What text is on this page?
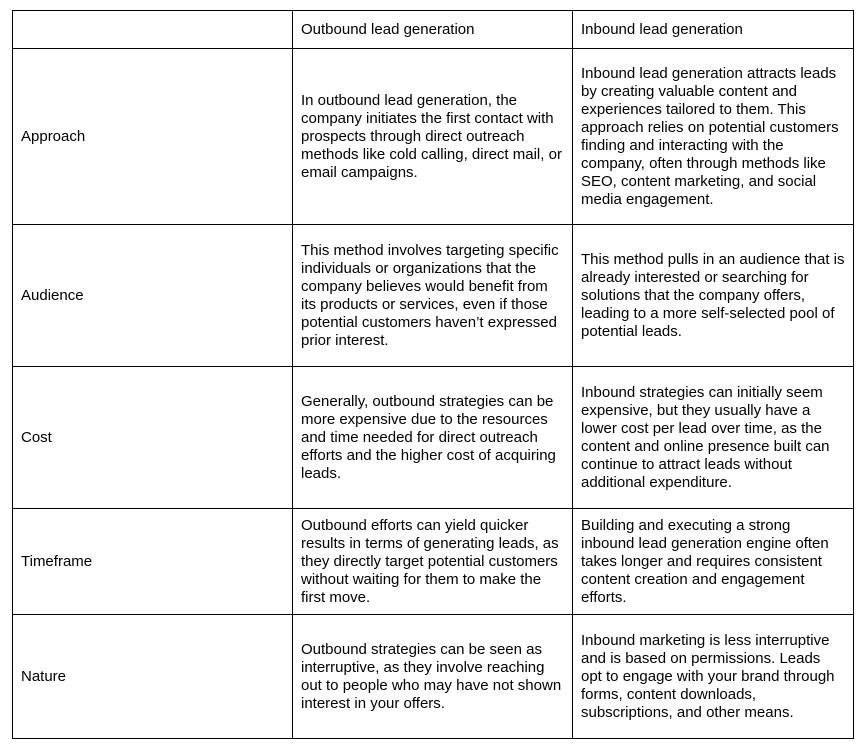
	Outbound lead generation	Inbound lead generation
Approach	In outbound lead generation, the company initiates the first contact with prospects through direct outreach methods like cold calling, direct mail, or email campaigns.	Inbound lead generation attracts leads by creating valuable content and experiences tailored to them. This approach relies on potential customers finding and interacting with the company, often through methods like SEO, content marketing, and social media engagement.
Audience	This method involves targeting specific individuals or organizations that the company believes would benefit from its products or services, even if those potential customers haven’t expressed prior interest.	This method pulls in an audience that is already interested or searching for solutions that the company offers, leading to a more self-selected pool of potential leads.
Cost	Generally, outbound strategies can be more expensive due to the resources and time needed for direct outreach efforts and the higher cost of acquiring leads.	Inbound strategies can initially seem expensive, but they usually have a lower cost per lead over time, as the content and online presence built can continue to attract leads without additional expenditure.
Timeframe	Outbound efforts can yield quicker results in terms of generating leads, as they directly target potential customers without waiting for them to make the first move.	Building and executing a strong inbound lead generation engine often takes longer and requires consistent content creation and engagement efforts.
Nature	Outbound strategies can be seen as interruptive, as they involve reaching out to people who may have not shown interest in your offers.	Inbound marketing is less interruptive and is based on permissions. Leads opt to engage with your brand through forms, content downloads, subscriptions, and other means.
